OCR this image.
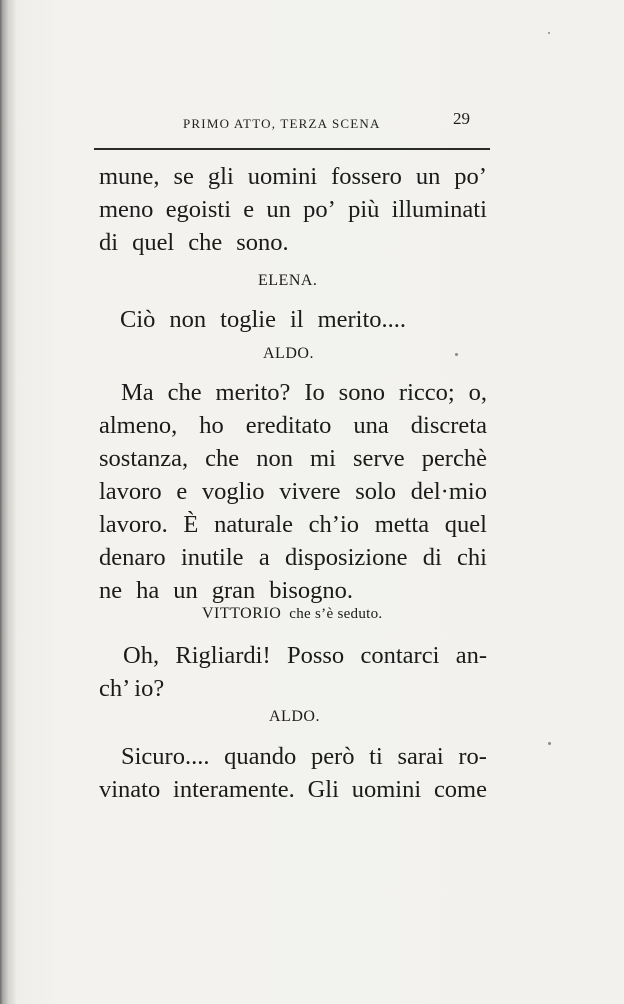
PRIMO ATTO, TERZA SCENA	29
mune, se gli uomini fossero un po’
meno egoisti e un po’ più illuminati
di quel che sono.
ELENA.
Ciò non toglie il merito....
ALDO.
Ma che merito? Io sono ricco; o,
almeno, ho ereditato una discreta
sostanza, che non mi serve perchè
lavoro e voglio vivere solo del·mio
lavoro. È naturale ch’io metta quel
denaro inutile a disposizione di chi
ne ha un gran bisogno.
VITTORIO che s’è seduto.
Oh, Rigliardi! Posso contarci an-
ch’ io?
ALDO.
Sicuro.... quando però ti sarai ro-
vinato interamente. Gli uomini come
